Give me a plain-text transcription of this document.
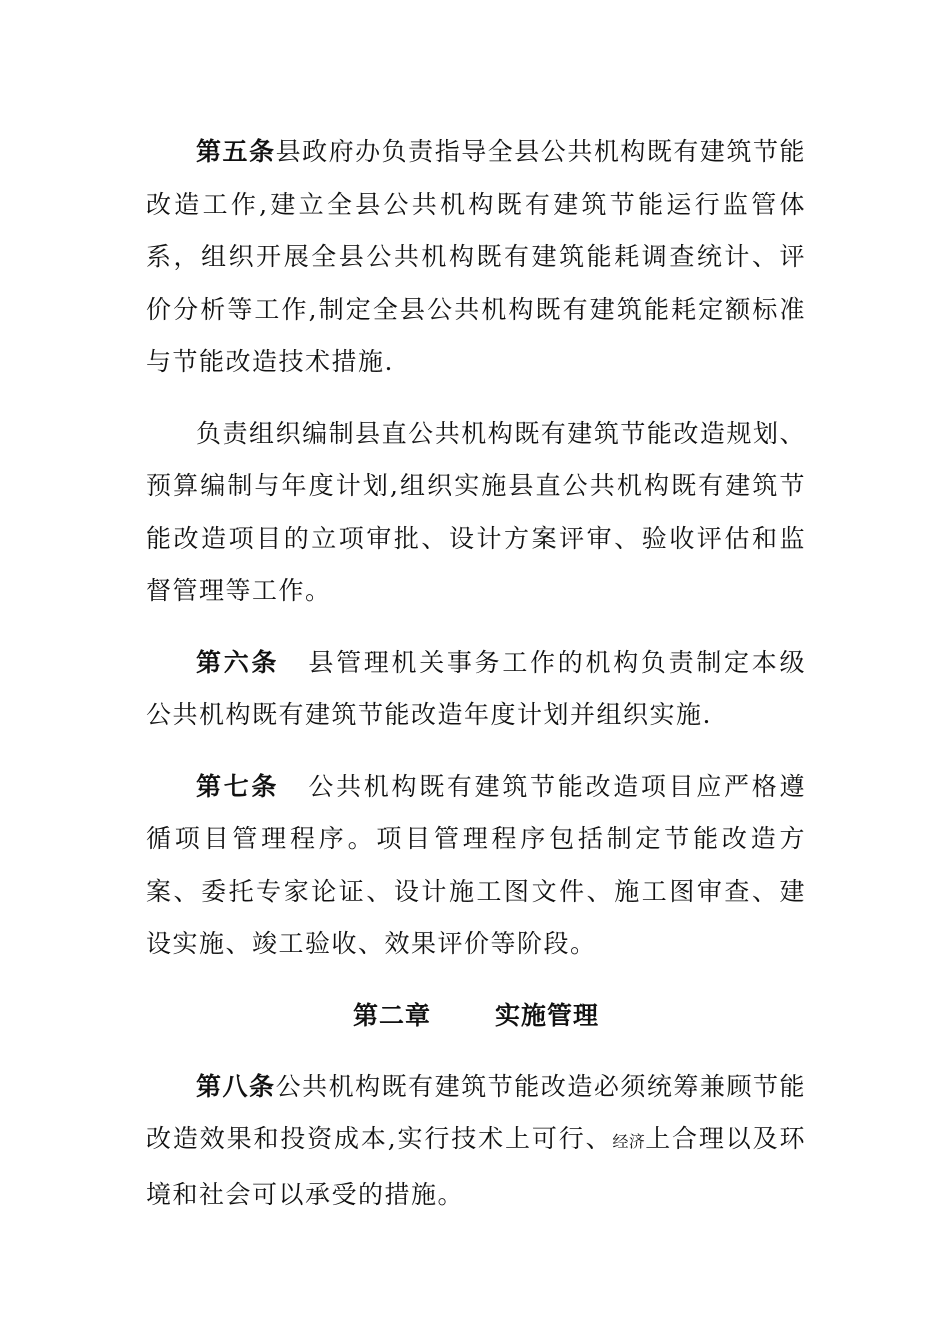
第五条县政府办负责指导全县公共机构既有建筑节能改造工作,建立全县公共机构既有建筑节能运行监管体系，组织开展全县公共机构既有建筑能耗调查统计、评价分析等工作,制定全县公共机构既有建筑能耗定额标准与节能改造技术措施.

负责组织编制县直公共机构既有建筑节能改造规划、预算编制与年度计划,组织实施县直公共机构既有建筑节能改造项目的立项审批、设计方案评审、验收评估和监督管理等工作。

第六条 县管理机关事务工作的机构负责制定本级公共机构既有建筑节能改造年度计划并组织实施.

第七条 公共机构既有建筑节能改造项目应严格遵循项目管理程序。项目管理程序包括制定节能改造方案、委托专家论证、设计施工图文件、施工图审查、建设实施、竣工验收、效果评价等阶段。

第二章	实施管理

第八条公共机构既有建筑节能改造必须统筹兼顾节能改造效果和投资成本,实行技术上可行、经济上合理以及环境和社会可以承受的措施。
